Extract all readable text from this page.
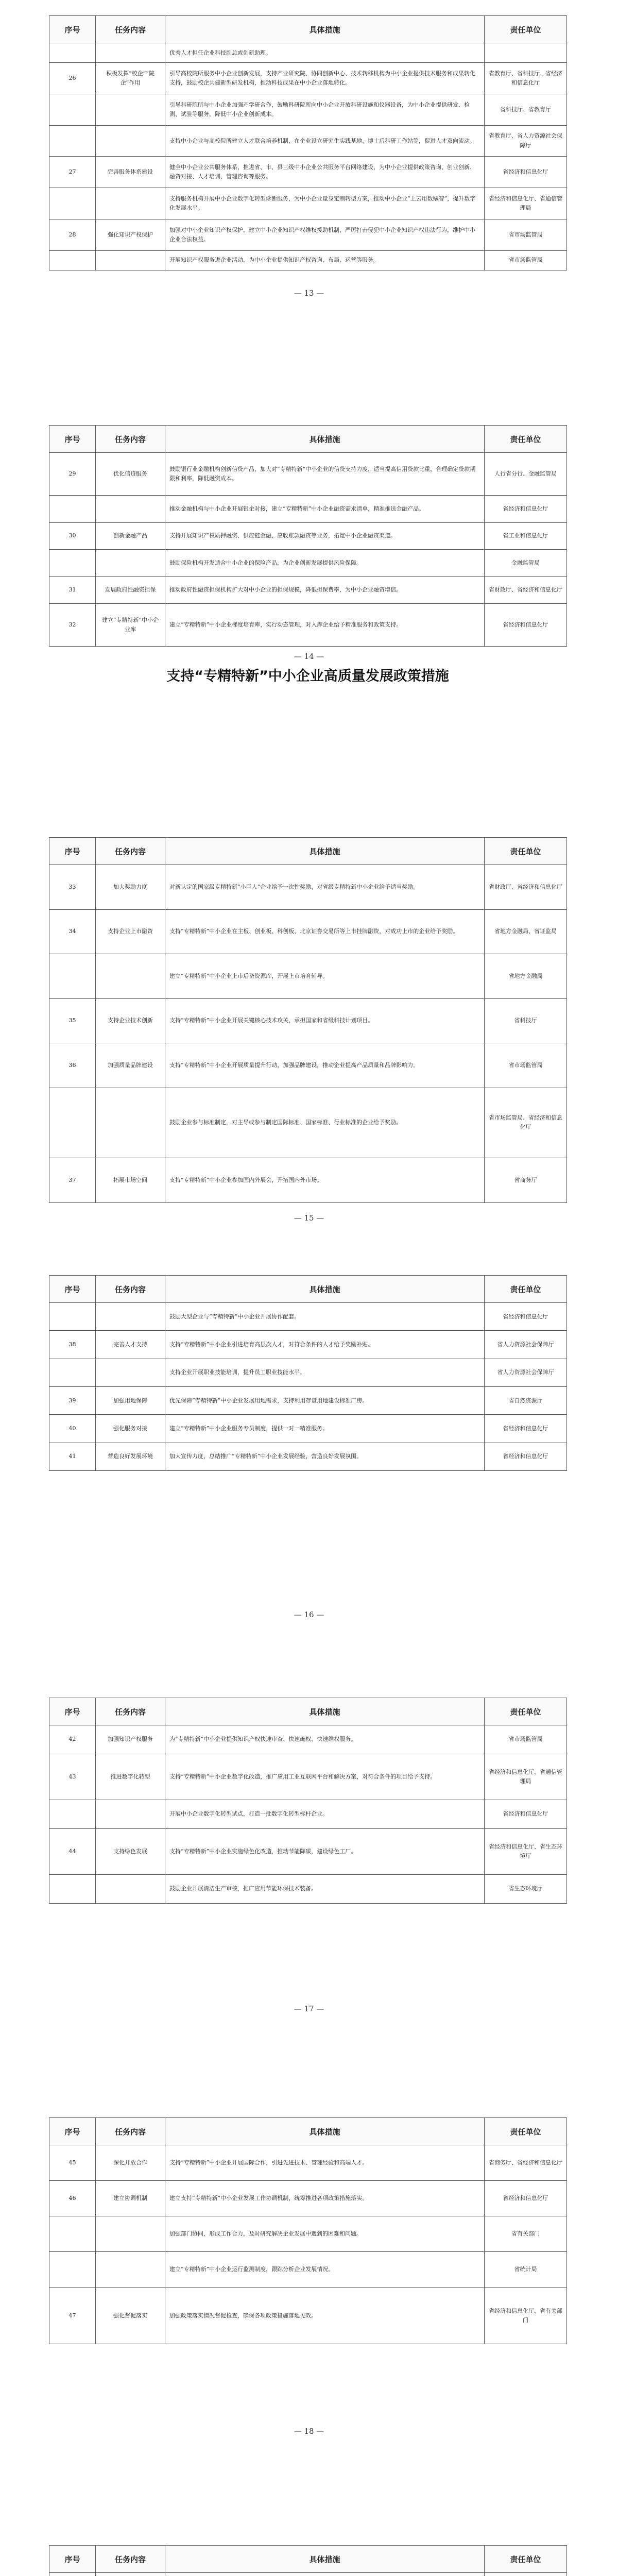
序号	任务内容	具体措施	责任单位
		优秀人才担任企业科技副总或创新助理。	
26	积极发挥“校企”“院企”作用	引导高校院所服务中小企业创新发展，支持产业研究院、协同创新中心、技术转移机构为中小企业提供技术服务和成果转化支持，鼓励校企共建新型研发机构，推动科技成果在中小企业落地转化。	省教育厅、省科技厅、省经济和信息化厅
		引导科研院所与中小企业加强产学研合作，鼓励科研院所向中小企业开放科研设施和仪器设备，为中小企业提供研发、检测、试验等服务，降低中小企业创新成本。	省科技厅、省教育厅
		支持中小企业与高校院所建立人才联合培养机制，在企业设立研究生实践基地、博士后科研工作站等，促进人才双向流动。	省教育厅、省人力资源社会保障厅
27	完善服务体系建设	健全中小企业公共服务体系，推进省、市、县三级中小企业公共服务平台网络建设，为中小企业提供政策咨询、创业创新、融资对接、人才培训、管理咨询等服务。	省经济和信息化厅
		支持服务机构开展中小企业数字化转型诊断服务，为中小企业量身定制转型方案，推动中小企业“上云用数赋智”，提升数字化发展水平。	省经济和信息化厅、省通信管理局
28	强化知识产权保护	加强对中小企业知识产权保护，建立中小企业知识产权维权援助机制，严厉打击侵犯中小企业知识产权违法行为，维护中小企业合法权益。	省市场监管局
		开展知识产权服务进企业活动，为中小企业提供知识产权咨询、布局、运营等服务。	省市场监管局
— 13 —
序号	任务内容	具体措施	责任单位
29	优化信贷服务	鼓励银行业金融机构创新信贷产品，加大对“专精特新”中小企业的信贷支持力度，适当提高信用贷款比重，合理确定贷款期限和利率，降低融资成本。	人行省分行、金融监管局
		推动金融机构与中小企业开展银企对接，建立“专精特新”中小企业融资需求清单，精准推送金融产品。	省经济和信息化厅
30	创新金融产品	支持开展知识产权质押融资、供应链金融、应收账款融资等业务，拓宽中小企业融资渠道。	省工业和信息化厅
		鼓励保险机构开发适合中小企业的保险产品，为企业创新发展提供风险保障。	金融监管局
31	发展政府性融资担保	推动政府性融资担保机构扩大对中小企业的担保规模，降低担保费率，为中小企业融资增信。	省财政厅、省经济和信息化厅
32	建立“专精特新”中小企业库	建立“专精特新”中小企业梯度培育库，实行动态管理，对入库企业给予精准服务和政策支持。	省经济和信息化厅
— 14 —
序号	任务内容	具体措施	责任单位
33	加大奖励力度	对新认定的国家级专精特新“小巨人”企业给予一次性奖励，对省级专精特新中小企业给予适当奖励。	省财政厅、省经济和信息化厅
34	支持企业上市融资	支持“专精特新”中小企业在主板、创业板、科创板、北京证券交易所等上市挂牌融资，对成功上市的企业给予奖励。	省地方金融局、省证监局
		建立“专精特新”中小企业上市后备资源库，开展上市培育辅导。	省地方金融局
35	支持企业技术创新	支持“专精特新”中小企业开展关键核心技术攻关，承担国家和省级科技计划项目。	省科技厅
36	加强质量品牌建设	支持“专精特新”中小企业开展质量提升行动，加强品牌建设，推动企业提高产品质量和品牌影响力。	省市场监管局
		鼓励企业参与标准制定，对主导或参与制定国际标准、国家标准、行业标准的企业给予奖励。	省市场监管局、省经济和信息化厅
37	拓展市场空间	支持“专精特新”中小企业参加国内外展会，开拓国内外市场。	省商务厅
— 15 —
序号	任务内容	具体措施	责任单位
		鼓励大型企业与“专精特新”中小企业开展协作配套。	省经济和信息化厅
38	完善人才支持	支持“专精特新”中小企业引进培育高层次人才，对符合条件的人才给予奖励补贴。	省人力资源社会保障厅
		支持企业开展职业技能培训，提升员工职业技能水平。	省人力资源社会保障厅
39	加强用地保障	优先保障“专精特新”中小企业发展用地需求，支持利用存量用地建设标准厂房。	省自然资源厅
40	强化服务对接	建立“专精特新”中小企业服务专员制度，提供一对一精准服务。	省经济和信息化厅
41	营造良好发展环境	加大宣传力度，总结推广“专精特新”中小企业发展经验，营造良好发展氛围。	省经济和信息化厅
— 16 —
序号	任务内容	具体措施	责任单位
42	加强知识产权服务	为“专精特新”中小企业提供知识产权快速审查、快速确权、快速维权服务。	省市场监管局
43	推进数字化转型	支持“专精特新”中小企业数字化改造，推广应用工业互联网平台和解决方案，对符合条件的项目给予支持。	省经济和信息化厅、省通信管理局
		开展中小企业数字化转型试点，打造一批数字化转型标杆企业。	省经济和信息化厅
44	支持绿色发展	支持“专精特新”中小企业实施绿色化改造，推动节能降碳，建设绿色工厂。	省经济和信息化厅、省生态环境厅
		鼓励企业开展清洁生产审核，推广应用节能环保技术装备。	省生态环境厅
— 17 —
序号	任务内容	具体措施	责任单位
45	深化开放合作	支持“专精特新”中小企业开展国际合作，引进先进技术、管理经验和高端人才。	省商务厅、省经济和信息化厅
46	建立协调机制	建立支持“专精特新”中小企业发展工作协调机制，统筹推进各项政策措施落实。	省经济和信息化厅
		加强部门协同，形成工作合力，及时研究解决企业发展中遇到的困难和问题。	省有关部门
		建立“专精特新”中小企业运行监测制度，跟踪分析企业发展情况。	省统计局
47	强化督促落实	加强政策落实情况督促检查，确保各项政策措施落地见效。	省经济和信息化厅、省有关部门
— 18 —
序号	任务内容	具体措施	责任单位

支持“专精特新”中小企业高质量发展政策措施
